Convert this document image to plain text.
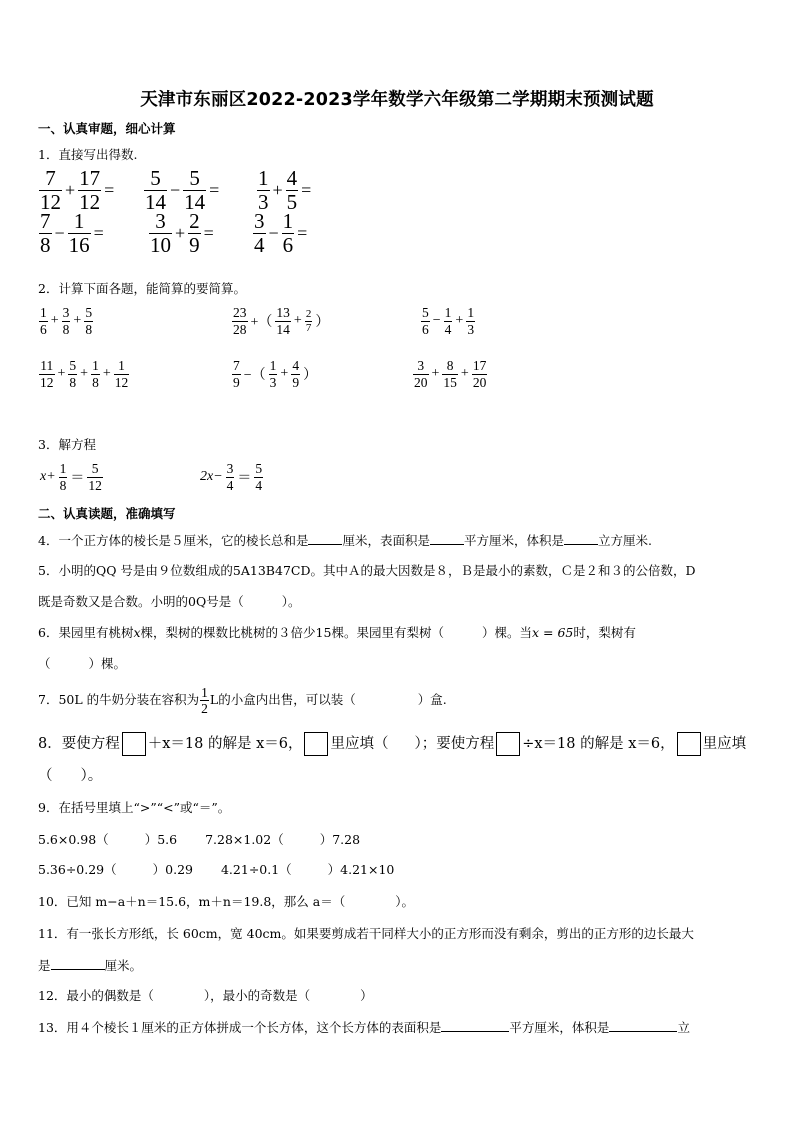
天津市东丽区2022-2023学年数学六年级第二学期期末预测试题
一、认真审题，细心计算
1．直接写出得数.
$\frac{7}{12} + \frac{17}{12} = \frac{5}{14} - \frac{5}{14} = \frac{1}{3} + \frac{4}{5}$ =
$\frac{7}{8} - \frac{1}{16} = \frac{3}{10} + \frac{2}{9} = \frac{3}{4} - \frac{1}{6}$ =
2．计算下面各题，能简算的要简算。
$\frac{1}{6} + \frac{3}{8} + \frac{5}{8}$	$\frac{23}{28}$ +（ $\frac{13}{14} + \frac{2}{7}$ ）	$\frac{5}{6} - \frac{1}{4} + \frac{1}{3}$
$\frac{11}{12} + \frac{5}{8} + \frac{1}{8} + \frac{1}{12}$	$\frac{7}{9}$ −（ $\frac{1}{3} + \frac{4}{9}$ ）	$\frac{3}{20} + \frac{8}{15} + \frac{17}{20}$
3．解方程
$x+ \frac{1}{8} = \frac{5}{12}$	$2x- \frac{3}{4} = \frac{5}{4}$
二、认真读题，准确填写
4．一个正方体的棱长是５厘米，它的棱长总和是	厘米，表面积是	平方厘米，体积是	立方厘米.
5．小明的QQ 号是由９位数组成的5A13B47CD。其中Ａ的最大因数是８，Ｂ是最小的素数，Ｃ是２和３的公倍数，D
既是奇数又是合数。小明的0Q号是（	）。
6．果园里有桃树x棵，梨树的棵数比桃树的３倍少15棵。果园里有梨树（	）棵。当x = 65时，梨树有
（	）棵。
7．50L 的牛奶分装在容积为 $\frac{1}{2}$ L的小盒内出售，可以装（	）盒.
8．要使方程 ＋x＝18 的解是 x＝6， 里应填（ ）；要使方程 ÷x＝18 的解是 x＝6， 里应填
（ ）。
9．在括号里填上“>”“<”或“＝”。
5.6×0.98（	）5.6 7.28×1.02（	）7.28
5.36÷0.29（	）0.29 4.21÷0.1（	）4.21×10
10．已知 m−a＋n＝15.6，m＋n＝19.8，那么 a＝（	）。
11．有一张长方形纸，长 60cm，宽 40cm。如果要剪成若干同样大小的正方形而没有剩余，剪出的正方形的边长最大
是	厘米。
12．最小的偶数是（	），最小的奇数是（	）
13．用４个棱长１厘米的正方体拼成一个长方体，这个长方体的表面积是	平方厘米，体积是	立
